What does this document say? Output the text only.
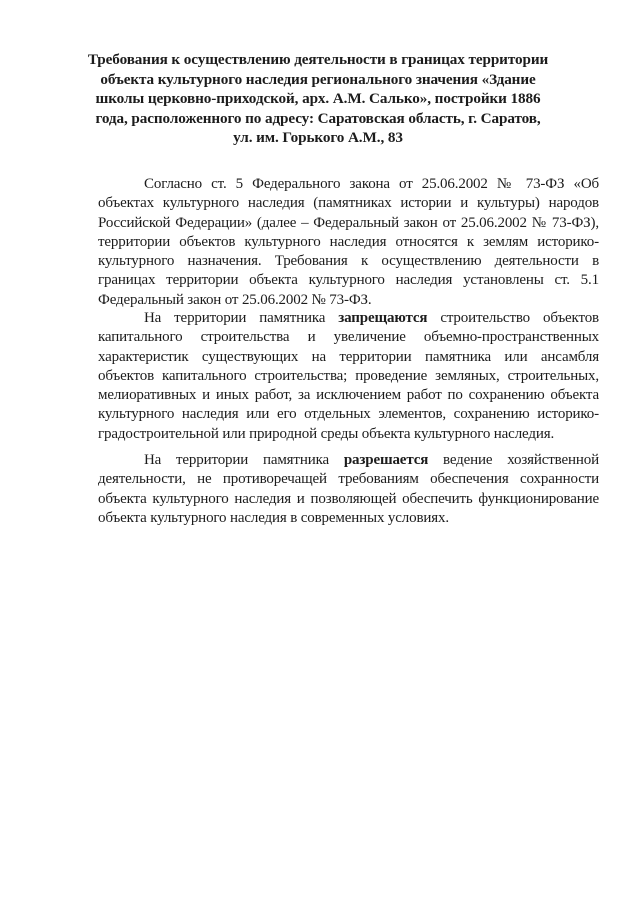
Требования к осуществлению деятельности в границах территории объекта культурного наследия регионального значения «Здание школы церковно-приходской, арх. А.М. Салько», постройки 1886 года, расположенного по адресу: Саратовская область, г. Саратов, ул. им. Горького А.М., 83

Согласно ст. 5 Федерального закона от 25.06.2002 № 73-ФЗ «Об объектах культурного наследия (памятниках истории и культуры) народов Российской Федерации» (далее – Федеральный закон от 25.06.2002 № 73-ФЗ), территории объектов культурного наследия относятся к землям историко-культурного назначения. Требования к осуществлению деятельности в границах территории объекта культурного наследия установлены ст. 5.1 Федеральный закон от 25.06.2002 № 73-ФЗ.

На территории памятника запрещаются строительство объектов капитального строительства и увеличение объемно-пространственных характеристик существующих на территории памятника или ансамбля объектов капитального строительства; проведение земляных, строительных, мелиоративных и иных работ, за исключением работ по сохранению объекта культурного наследия или его отдельных элементов, сохранению историко-градостроительной или природной среды объекта культурного наследия.

На территории памятника разрешается ведение хозяйственной деятельности, не противоречащей требованиям обеспечения сохранности объекта культурного наследия и позволяющей обеспечить функционирование объекта культурного наследия в современных условиях.
